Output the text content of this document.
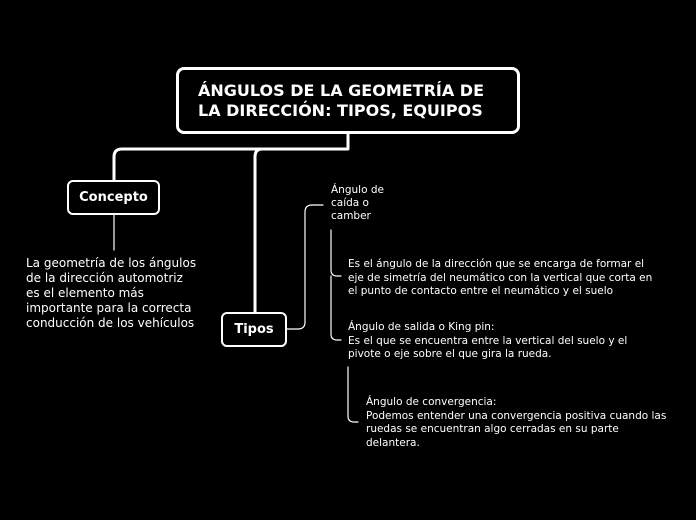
ÁNGULOS DE LA GEOMETRÍA DE
LA DIRECCIÓN: TIPOS, EQUIPOS
Concepto
La geometría de los ángulos
de la dirección automotriz
es el elemento más
importante para la correcta
conducción de los vehículos	Tipos
Ángulo de
caída o
camber
Es el ángulo de la dirección que se encarga de formar el
eje de simetría del neumático con la vertical que corta en
el punto de contacto entre el neumático y el suelo
Ángulo de salida o King pin:
Es el que se encuentra entre la vertical del suelo y el
pivote o eje sobre el que gira la rueda.
Ángulo de convergencia:
Podemos entender una convergencia positiva cuando las
ruedas se encuentran algo cerradas en su parte
delantera.
